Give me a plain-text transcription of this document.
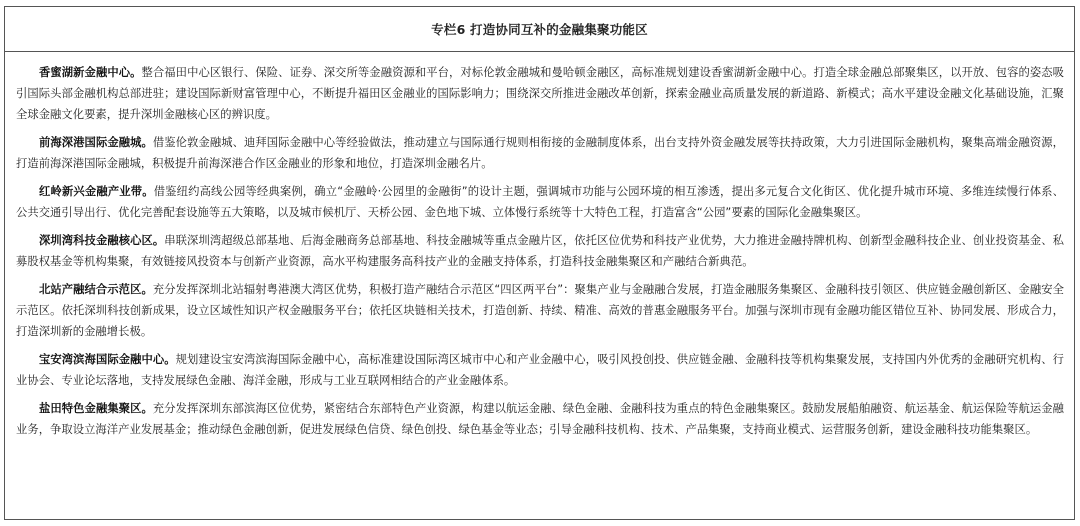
专栏6 打造协同互补的金融集聚功能区

香蜜湖新金融中心。整合福田中心区银行、保险、证券、深交所等金融资源和平台，对标伦敦金融城和曼哈顿金融区，高标准规划建设香蜜湖新金融中心。打造全球金融总部聚集区，以开放、包容的姿态吸引国际头部金融机构总部进驻；建设国际新财富管理中心，不断提升福田区金融业的国际影响力；围绕深交所推进金融改革创新，探索金融业高质量发展的新道路、新模式；高水平建设金融文化基础设施，汇聚全球金融文化要素，提升深圳金融核心区的辨识度。

前海深港国际金融城。借鉴伦敦金融城、迪拜国际金融中心等经验做法，推动建立与国际通行规则相衔接的金融制度体系，出台支持外资金融发展等扶持政策，大力引进国际金融机构，聚集高端金融资源，打造前海深港国际金融城，积极提升前海深港合作区金融业的形象和地位，打造深圳金融名片。

红岭新兴金融产业带。借鉴纽约高线公园等经典案例，确立“金融岭·公园里的金融街”的设计主题，强调城市功能与公园环境的相互渗透，提出多元复合文化街区、优化提升城市环境、多维连续慢行体系、公共交通引导出行、优化完善配套设施等五大策略，以及城市候机厅、天桥公园、金色地下城、立体慢行系统等十大特色工程，打造富含“公园”要素的国际化金融集聚区。

深圳湾科技金融核心区。串联深圳湾超级总部基地、后海金融商务总部基地、科技金融城等重点金融片区，依托区位优势和科技产业优势，大力推进金融持牌机构、创新型金融科技企业、创业投资基金、私募股权基金等机构集聚，有效链接风投资本与创新产业资源，高水平构建服务高科技产业的金融支持体系，打造科技金融集聚区和产融结合新典范。

北站产融结合示范区。充分发挥深圳北站辐射粤港澳大湾区优势，积极打造产融结合示范区“四区两平台”：聚集产业与金融融合发展，打造金融服务集聚区、金融科技引领区、供应链金融创新区、金融安全示范区。依托深圳科技创新成果，设立区域性知识产权金融服务平台；依托区块链相关技术，打造创新、持续、精准、高效的普惠金融服务平台。加强与深圳市现有金融功能区错位互补、协同发展、形成合力，打造深圳新的金融增长极。

宝安湾滨海国际金融中心。规划建设宝安湾滨海国际金融中心，高标准建设国际湾区城市中心和产业金融中心，吸引风投创投、供应链金融、金融科技等机构集聚发展，支持国内外优秀的金融研究机构、行业协会、专业论坛落地，支持发展绿色金融、海洋金融，形成与工业互联网相结合的产业金融体系。

盐田特色金融集聚区。充分发挥深圳东部滨海区位优势，紧密结合东部特色产业资源，构建以航运金融、绿色金融、金融科技为重点的特色金融集聚区。鼓励发展船舶融资、航运基金、航运保险等航运金融业务，争取设立海洋产业发展基金；推动绿色金融创新，促进发展绿色信贷、绿色创投、绿色基金等业态；引导金融科技机构、技术、产品集聚，支持商业模式、运营服务创新，建设金融科技功能集聚区。
